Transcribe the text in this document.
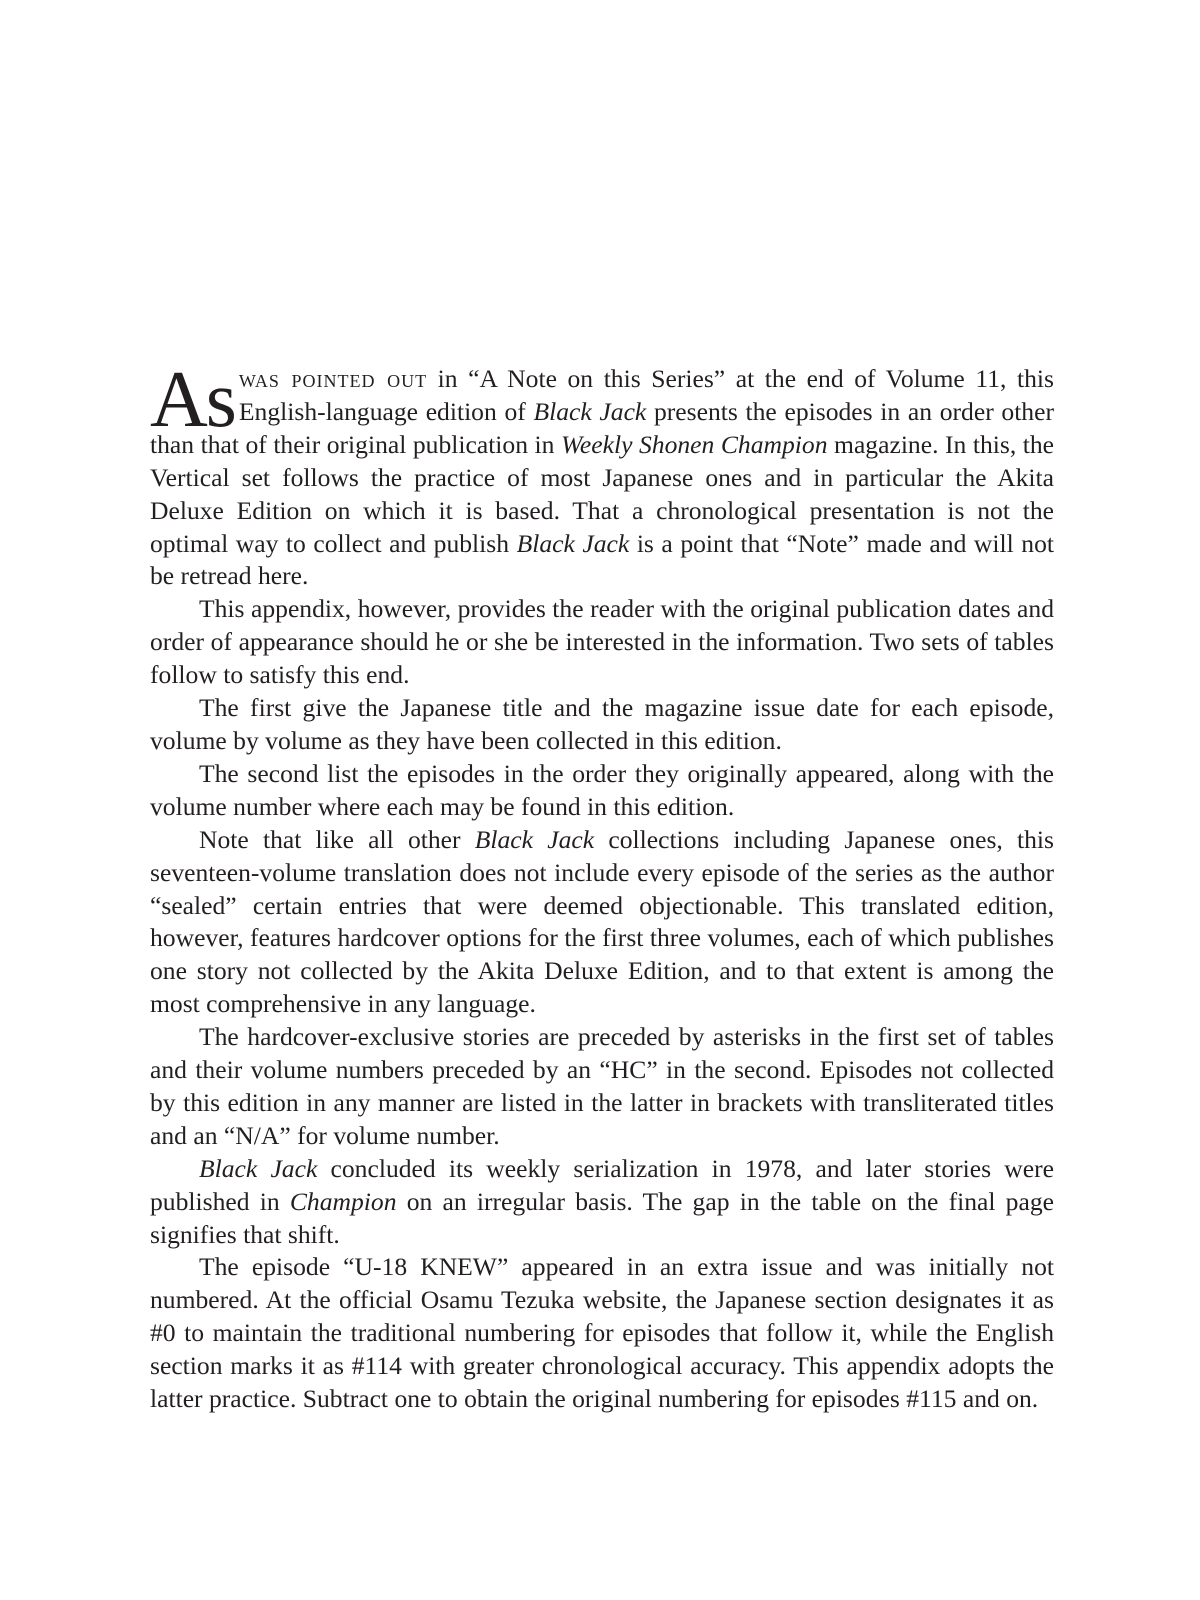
As was pointed out in “A Note on this Series” at the end of Volume 11, this English-language edition of Black Jack presents the episodes in an order other than that of their original publication in Weekly Shonen Champion magazine. In this, the Vertical set follows the practice of most Japanese ones and in particular the Akita Deluxe Edition on which it is based. That a chronological presentation is not the optimal way to collect and publish Black Jack is a point that “Note” made and will not be retread here.

This appendix, however, provides the reader with the original publication dates and order of appearance should he or she be interested in the information. Two sets of tables follow to satisfy this end.

The first give the Japanese title and the magazine issue date for each episode, volume by volume as they have been collected in this edition.

The second list the episodes in the order they originally appeared, along with the volume number where each may be found in this edition.

Note that like all other Black Jack collections including Japanese ones, this seventeen-volume translation does not include every episode of the series as the author “sealed” certain entries that were deemed objectionable. This translated edition, however, features hardcover options for the first three volumes, each of which publishes one story not collected by the Akita Deluxe Edition, and to that extent is among the most comprehensive in any language.

The hardcover-exclusive stories are preceded by asterisks in the first set of tables and their volume numbers preceded by an “HC” in the second. Episodes not collected by this edition in any manner are listed in the latter in brackets with transliterated titles and an “N/A” for volume number.

Black Jack concluded its weekly serialization in 1978, and later stories were published in Champion on an irregular basis. The gap in the table on the final page signifies that shift.

The episode “U-18 KNEW” appeared in an extra issue and was initially not numbered. At the official Osamu Tezuka website, the Japanese section designates it as #0 to maintain the traditional numbering for episodes that follow it, while the English section marks it as #114 with greater chronological accuracy. This appendix adopts the latter practice. Subtract one to obtain the original numbering for episodes #115 and on.
